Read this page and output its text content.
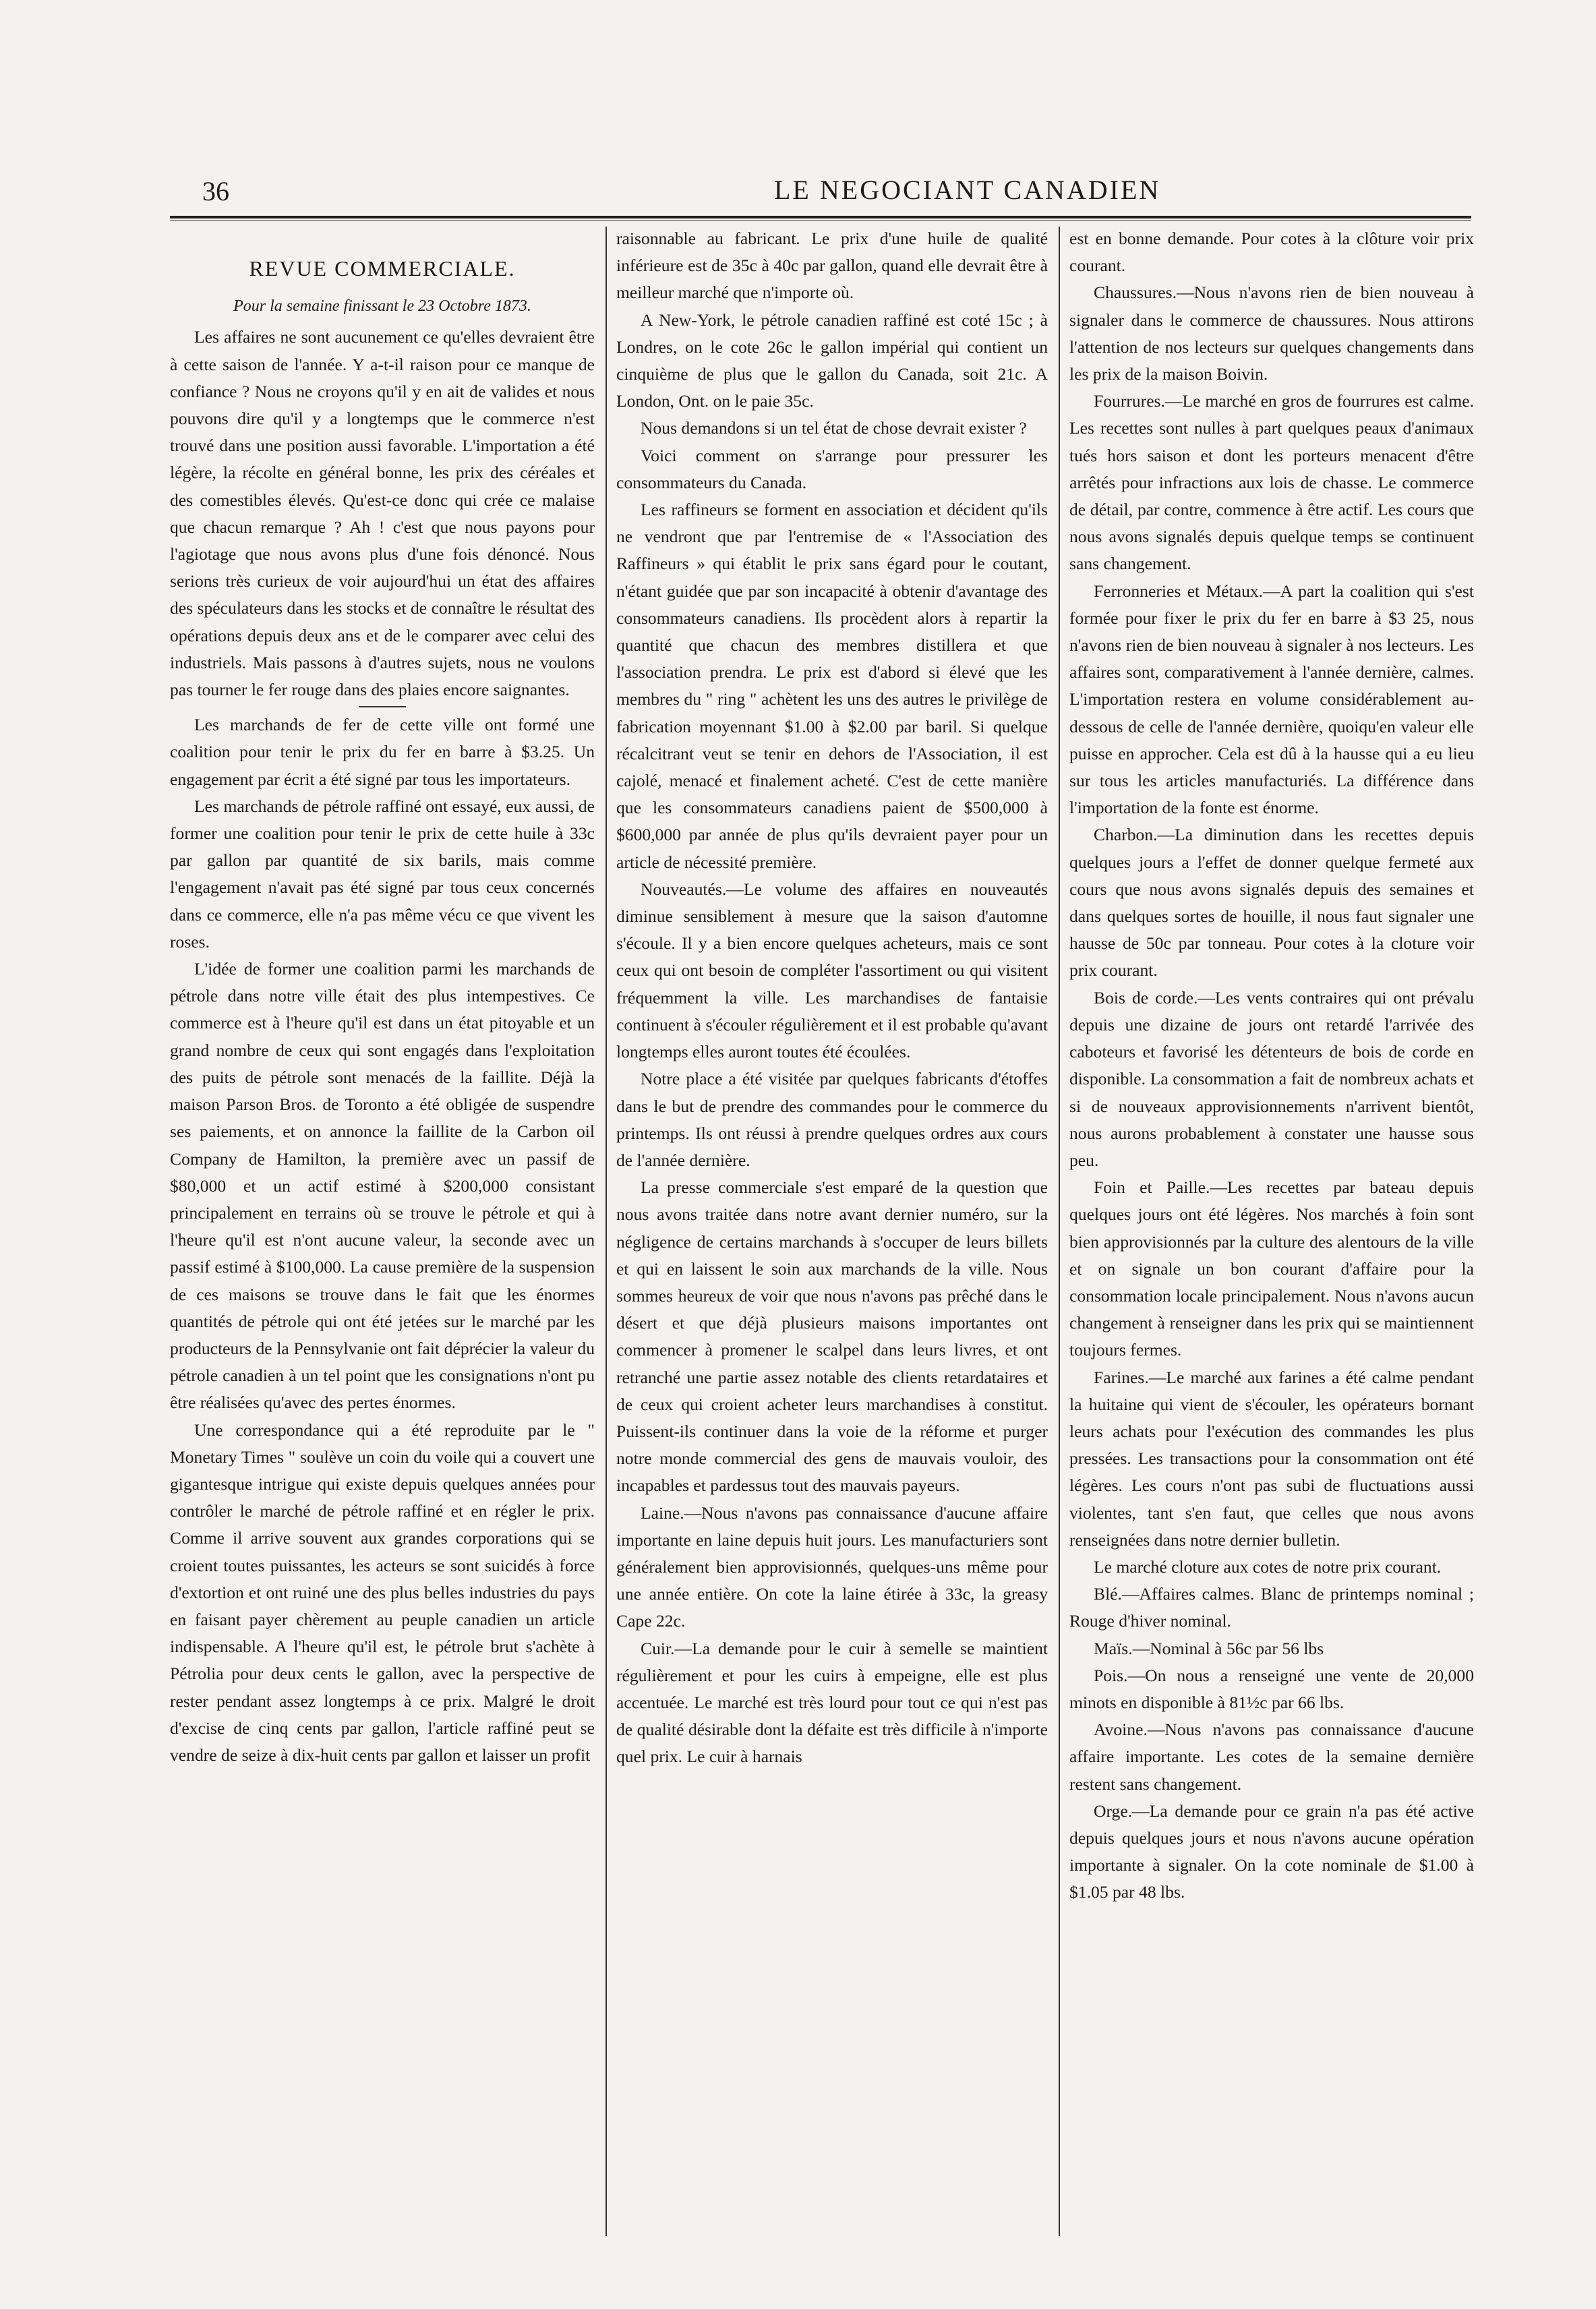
36	LE NEGOCIANT CANADIEN
REVUE COMMERCIALE.
Pour la semaine finissant le 23 Octobre 1873.

Les affaires ne sont aucunement ce qu'elles devraient être à cette saison de l'année. Y a-t-il raison pour ce manque de confiance ? Nous ne croyons qu'il y en ait de valides et nous pouvons dire qu'il y a longtemps que le commerce n'est trouvé dans une position aussi favorable. L'importation a été légère, la récolte en général bonne, les prix des céréales et des comestibles élevés. Qu'est-ce donc qui crée ce malaise que chacun remarque ? Ah ! c'est que nous payons pour l'agiotage que nous avons plus d'une fois dénoncé. Nous serions très curieux de voir aujourd'hui un état des affaires des spéculateurs dans les stocks et de connaître le résultat des opérations depuis deux ans et de le comparer avec celui des industriels. Mais passons à d'autres sujets, nous ne voulons pas tourner le fer rouge dans des plaies encore saignantes.

Les marchands de fer de cette ville ont formé une coalition pour tenir le prix du fer en barre à $3.25. Un engagement par écrit a été signé par tous les importateurs.

Les marchands de pétrole raffiné ont essayé, eux aussi, de former une coalition pour tenir le prix de cette huile à 33c par gallon par quantité de six barils, mais comme l'engagement n'avait pas été signé par tous ceux concernés dans ce commerce, elle n'a pas même vécu ce que vivent les roses.

L'idée de former une coalition parmi les marchands de pétrole dans notre ville était des plus intempestives. Ce commerce est à l'heure qu'il est dans un état pitoyable et un grand nombre de ceux qui sont engagés dans l'exploitation des puits de pétrole sont menacés de la faillite. Déjà la maison Parson Bros. de Toronto a été obligée de suspendre ses paiements, et on annonce la faillite de la Carbon oil Company de Hamilton, la première avec un passif de $80,000 et un actif estimé à $200,000 consistant principalement en terrains où se trouve le pétrole et qui à l'heure qu'il est n'ont aucune valeur, la seconde avec un passif estimé à $100,000. La cause première de la suspension de ces maisons se trouve dans le fait que les énormes quantités de pétrole qui ont été jetées sur le marché par les producteurs de la Pennsylvanie ont fait déprécier la valeur du pétrole canadien à un tel point que les consignations n'ont pu être réalisées qu'avec des pertes énormes.

Une correspondance qui a été reproduite par le " Monetary Times " soulève un coin du voile qui a couvert une gigantesque intrigue qui existe depuis quelques années pour contrôler le marché de pétrole raffiné et en régler le prix. Comme il arrive souvent aux grandes corporations qui se croient toutes puissantes, les acteurs se sont suicidés à force d'extortion et ont ruiné une des plus belles industries du pays en faisant payer chèrement au peuple canadien un article indispensable. A l'heure qu'il est, le pétrole brut s'achète à Pétrolia pour deux cents le gallon, avec la perspective de rester pendant assez longtemps à ce prix. Malgré le droit d'excise de cinq cents par gallon, l'article raffiné peut se vendre de seize à dix-huit cents par gallon et laisser un profit

raisonnable au fabricant. Le prix d'une huile de qualité inférieure est de 35c à 40c par gallon, quand elle devrait être à meilleur marché que n'importe où.

A New-York, le pétrole canadien raffiné est coté 15c ; à Londres, on le cote 26c le gallon impérial qui contient un cinquième de plus que le gallon du Canada, soit 21c. A London, Ont. on le paie 35c.

Nous demandons si un tel état de chose devrait exister ?

Voici comment on s'arrange pour pressurer les consommateurs du Canada.

Les raffineurs se forment en association et décident qu'ils ne vendront que par l'entremise de « l'Association des Raffineurs » qui établit le prix sans égard pour le coutant, n'étant guidée que par son incapacité à obtenir d'avantage des consommateurs canadiens. Ils procèdent alors à repartir la quantité que chacun des membres distillera et que l'association prendra. Le prix est d'abord si élevé que les membres du " ring " achètent les uns des autres le privilège de fabrication moyennant $1.00 à $2.00 par baril. Si quelque récalcitrant veut se tenir en dehors de l'Association, il est cajolé, menacé et finalement acheté. C'est de cette manière que les consommateurs canadiens paient de $500,000 à $600,000 par année de plus qu'ils devraient payer pour un article de nécessité première.

Nouveautés.—Le volume des affaires en nouveautés diminue sensiblement à mesure que la saison d'automne s'écoule. Il y a bien encore quelques acheteurs, mais ce sont ceux qui ont besoin de compléter l'assortiment ou qui visitent fréquemment la ville. Les marchandises de fantaisie continuent à s'écouler régulièrement et il est probable qu'avant longtemps elles auront toutes été écoulées.

Notre place a été visitée par quelques fabricants d'étoffes dans le but de prendre des commandes pour le commerce du printemps. Ils ont réussi à prendre quelques ordres aux cours de l'année dernière.

La presse commerciale s'est emparé de la question que nous avons traitée dans notre avant dernier numéro, sur la négligence de certains marchands à s'occuper de leurs billets et qui en laissent le soin aux marchands de la ville. Nous sommes heureux de voir que nous n'avons pas prêché dans le désert et que déjà plusieurs maisons importantes ont commencer à promener le scalpel dans leurs livres, et ont retranché une partie assez notable des clients retardataires et de ceux qui croient acheter leurs marchandises à constitut. Puissent-ils continuer dans la voie de la réforme et purger notre monde commercial des gens de mauvais vouloir, des incapables et pardessus tout des mauvais payeurs.

Laine.—Nous n'avons pas connaissance d'aucune affaire importante en laine depuis huit jours. Les manufacturiers sont généralement bien approvisionnés, quelques-uns même pour une année entière. On cote la laine étirée à 33c, la greasy Cape 22c.

Cuir.—La demande pour le cuir à semelle se maintient régulièrement et pour les cuirs à empeigne, elle est plus accentuée. Le marché est très lourd pour tout ce qui n'est pas de qualité désirable dont la défaite est très difficile à n'importe quel prix. Le cuir à harnais

est en bonne demande. Pour cotes à la clôture voir prix courant.

Chaussures.—Nous n'avons rien de bien nouveau à signaler dans le commerce de chaussures. Nous attirons l'attention de nos lecteurs sur quelques changements dans les prix de la maison Boivin.

Fourrures.—Le marché en gros de fourrures est calme. Les recettes sont nulles à part quelques peaux d'animaux tués hors saison et dont les porteurs menacent d'être arrêtés pour infractions aux lois de chasse. Le commerce de détail, par contre, commence à être actif. Les cours que nous avons signalés depuis quelque temps se continuent sans changement.

Ferronneries et Métaux.—A part la coalition qui s'est formée pour fixer le prix du fer en barre à $3 25, nous n'avons rien de bien nouveau à signaler à nos lecteurs. Les affaires sont, comparativement à l'année dernière, calmes. L'importation restera en volume considérablement au-dessous de celle de l'année dernière, quoiqu'en valeur elle puisse en approcher. Cela est dû à la hausse qui a eu lieu sur tous les articles manufacturiés. La différence dans l'importation de la fonte est énorme.

Charbon.—La diminution dans les recettes depuis quelques jours a l'effet de donner quelque fermeté aux cours que nous avons signalés depuis des semaines et dans quelques sortes de houille, il nous faut signaler une hausse de 50c par tonneau. Pour cotes à la cloture voir prix courant.

Bois de corde.—Les vents contraires qui ont prévalu depuis une dizaine de jours ont retardé l'arrivée des caboteurs et favorisé les détenteurs de bois de corde en disponible. La consommation a fait de nombreux achats et si de nouveaux approvisionnements n'arrivent bientôt, nous aurons probablement à constater une hausse sous peu.

Foin et Paille.—Les recettes par bateau depuis quelques jours ont été légères. Nos marchés à foin sont bien approvisionnés par la culture des alentours de la ville et on signale un bon courant d'affaire pour la consommation locale principalement. Nous n'avons aucun changement à renseigner dans les prix qui se maintiennent toujours fermes.

Farines.—Le marché aux farines a été calme pendant la huitaine qui vient de s'écouler, les opérateurs bornant leurs achats pour l'exécution des commandes les plus pressées. Les transactions pour la consommation ont été légères. Les cours n'ont pas subi de fluctuations aussi violentes, tant s'en faut, que celles que nous avons renseignées dans notre dernier bulletin.

Le marché cloture aux cotes de notre prix courant.

Blé.—Affaires calmes. Blanc de printemps nominal ; Rouge d'hiver nominal.

Maïs.—Nominal à 56c par 56 lbs

Pois.—On nous a renseigné une vente de 20,000 minots en disponible à 81½c par 66 lbs.

Avoine.—Nous n'avons pas connaissance d'aucune affaire importante. Les cotes de la semaine dernière restent sans changement.

Orge.—La demande pour ce grain n'a pas été active depuis quelques jours et nous n'avons aucune opération importante à signaler. On la cote nominale de $1.00 à $1.05 par 48 lbs.
